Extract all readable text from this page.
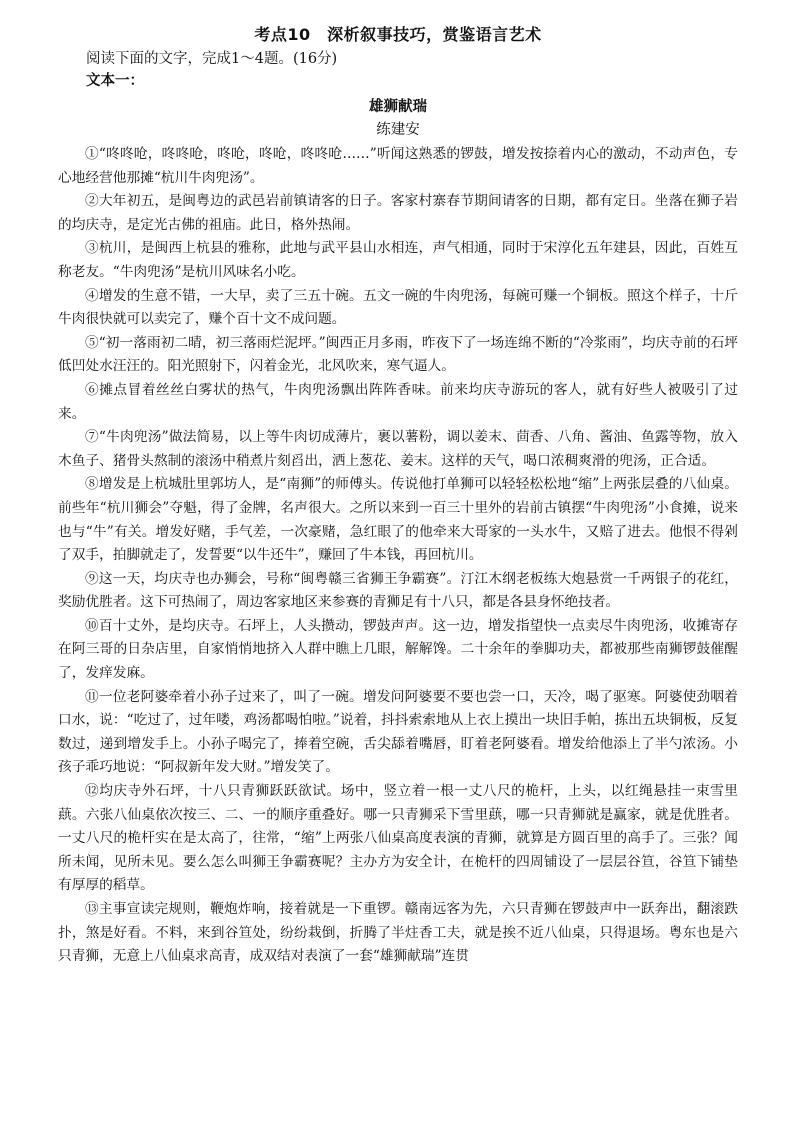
考点10　深析叙事技巧，赏鉴语言艺术

阅读下面的文字，完成1～4题。(16分)

文本一：

雄狮献瑞

练建安

①“咚咚呛，咚咚呛，咚呛，咚呛，咚咚呛……”听闻这熟悉的锣鼓，增发按捺着内心的激动，不动声色，专心地经营他那摊“杭川牛肉兜汤”。

②大年初五，是闽粤边的武邑岩前镇请客的日子。客家村寨春节期间请客的日期，都有定日。坐落在狮子岩的均庆寺，是定光古佛的祖庙。此日，格外热闹。

③杭川，是闽西上杭县的雅称，此地与武平县山水相连，声气相通，同时于宋淳化五年建县，因此，百姓互称老友。“牛肉兜汤”是杭川风味名小吃。

④增发的生意不错，一大早，卖了三五十碗。五文一碗的牛肉兜汤，每碗可赚一个铜板。照这个样子，十斤牛肉很快就可以卖完了，赚个百十文不成问题。

⑤“初一落雨初二晴，初三落雨烂泥坪。”闽西正月多雨，昨夜下了一场连绵不断的“冷浆雨”，均庆寺前的石坪低凹处水汪汪的。阳光照射下，闪着金光，北风吹来，寒气逼人。

⑥摊点冒着丝丝白雾状的热气，牛肉兜汤飘出阵阵香味。前来均庆寺游玩的客人，就有好些人被吸引了过来。

⑦“牛肉兜汤”做法简易，以上等牛肉切成薄片，裹以薯粉，调以姜末、茴香、八角、酱油、鱼露等物，放入木鱼子、猪骨头熬制的滚汤中稍煮片刻舀出，洒上葱花、姜末。这样的天气，喝口浓稠爽滑的兜汤，正合适。

⑧增发是上杭城肚里郭坊人，是“南狮”的师傅头。传说他打单狮可以轻轻松松地“缩”上两张层叠的八仙桌。前些年“杭川狮会”夺魁，得了金牌，名声很大。之所以来到一百三十里外的岩前古镇摆“牛肉兜汤”小食摊，说来也与“牛”有关。增发好赌，手气差，一次豪赌，急红眼了的他牵来大哥家的一头水牛，又赔了进去。他恨不得剁了双手，拍脚就走了，发誓要“以牛还牛”，赚回了牛本钱，再回杭川。

⑨这一天，均庆寺也办狮会，号称“闽粤赣三省狮王争霸赛”。汀江木纲老板练大炮悬赏一千两银子的花红，奖励优胜者。这下可热闹了，周边客家地区来参赛的青狮足有十八只，都是各县身怀绝技者。

⑩百十丈外，是均庆寺。石坪上，人头攒动，锣鼓声声。这一边，增发指望快一点卖尽牛肉兜汤，收摊寄存在阿三哥的日杂店里，自家悄悄地挤入人群中瞧上几眼，解解馋。二十余年的拳脚功夫，都被那些南狮锣鼓催醒了，发痒发麻。

⑪一位老阿婆牵着小孙子过来了，叫了一碗。增发问阿婆要不要也尝一口，天冷，喝了驱寒。阿婆使劲咽着口水，说：“吃过了，过年喽，鸡汤都喝怕啦。”说着，抖抖索索地从上衣上摸出一块旧手帕，拣出五块铜板，反复数过，递到增发手上。小孙子喝完了，捧着空碗，舌尖舔着嘴唇，盯着老阿婆看。增发给他添上了半勺浓汤。小孩子乖巧地说：“阿叔新年发大财。”增发笑了。

⑫均庆寺外石坪，十八只青狮跃跃欲试。场中，竖立着一根一丈八尺的桅杆，上头，以红绳悬挂一束雪里蕻。六张八仙桌依次按三、二、一的顺序重叠好。哪一只青狮采下雪里蕻，哪一只青狮就是赢家，就是优胜者。一丈八尺的桅杆实在是太高了，往常，“缩”上两张八仙桌高度表演的青狮，就算是方圆百里的高手了。三张？闻所未闻，见所未见。要么怎么叫狮王争霸赛呢？主办方为安全计，在桅杆的四周铺设了一层层谷笪，谷笪下铺垫有厚厚的稻草。

⑬主事宣读完规则，鞭炮炸响，接着就是一下重锣。赣南远客为先，六只青狮在锣鼓声中一跃奔出，翻滚跌扑，煞是好看。不料，来到谷笪处，纷纷栽倒，折腾了半炷香工夫，就是挨不近八仙桌，只得退场。粤东也是六只青狮，无意上八仙桌求高青，成双结对表演了一套“雄狮献瑞”连贯
